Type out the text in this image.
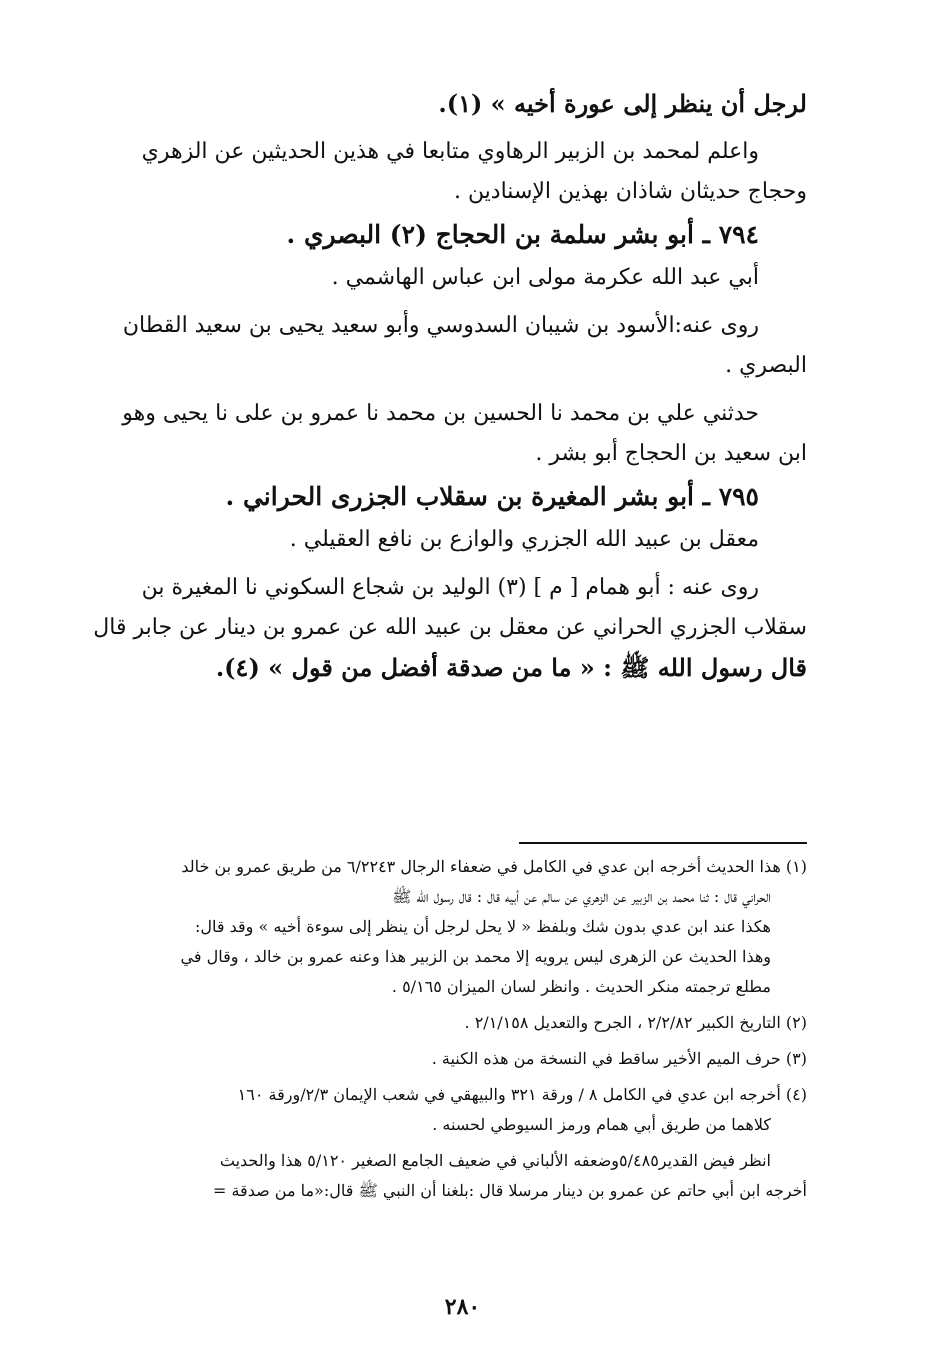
لرجل أن ينظر إلى عورة أخيه » (١).
واعلم لمحمد بن الزبير الرهاوي متابعا في هذين الحديثين عن الزهري
وحجاج حديثان شاذان بهذين الإسنادين .
٧٩٤ ـ أبو بشر سلمة بن الحجاج (٢) البصري .
أبي عبد الله عكرمة مولى ابن عباس الهاشمي .
روى عنه:الأسود بن شيبان السدوسي وأبو سعيد يحيى بن سعيد القطان
البصري .
حدثني علي بن محمد نا الحسين بن محمد نا عمرو بن على نا يحيى وهو
ابن سعيد بن الحجاج أبو بشر .
٧٩٥ ـ أبو بشر المغيرة بن سقلاب الجزرى الحراني .
معقل بن عبيد الله الجزري والوازع بن نافع العقيلي .
روى عنه : أبو همام [ م ] (٣) الوليد بن شجاع السكوني نا المغيرة بن
سقلاب الجزري الحراني عن معقل بن عبيد الله عن عمرو بن دينار عن جابر قال
قال رسول الله ﷺ : « ما من صدقة أفضل من قول » (٤).
(١) هذا الحديث أخرجه ابن عدي في الكامل في ضعفاء الرجال ٦/٢٢٤٣ من طريق عمرو بن خالد
الحراني قال : ثنا محمد بن الزبير عن الزهري عن سالم عن أبيه قال : قال رسول الله ﷺ
هكذا عند ابن عدي بدون شك وبلفظ « لا يحل لرجل أن ينظر إلى سوءة أخيه » وقد قال:
وهذا الحديث عن الزهرى ليس يرويه إلا محمد بن الزبير هذا وعنه عمرو بن خالد ، وقال في
مطلع ترجمته منكر الحديث . وانظر لسان الميزان ٥/١٦٥ .
(٢) التاريخ الكبير ٢/٢/٨٢ ، الجرح والتعديل ٢/١/١٥٨ .
(٣) حرف الميم الأخير ساقط في النسخة من هذه الكنية .
(٤) أخرجه ابن عدي في الكامل ٨ / ورقة ٣٢١ والبيهقي في شعب الإيمان ٢/٣/ورقة ١٦٠
كلاهما من طريق أبي همام ورمز السيوطي لحسنه .
انظر فيض القدير٥/٤٨٥وضعفه الألباني في ضعيف الجامع الصغير ٥/١٢٠ هذا والحديث
أخرجه ابن أبي حاتم عن عمرو بن دينار مرسلا قال :بلغنا أن النبي ﷺ قال:«ما من صدقة =
٢٨٠
